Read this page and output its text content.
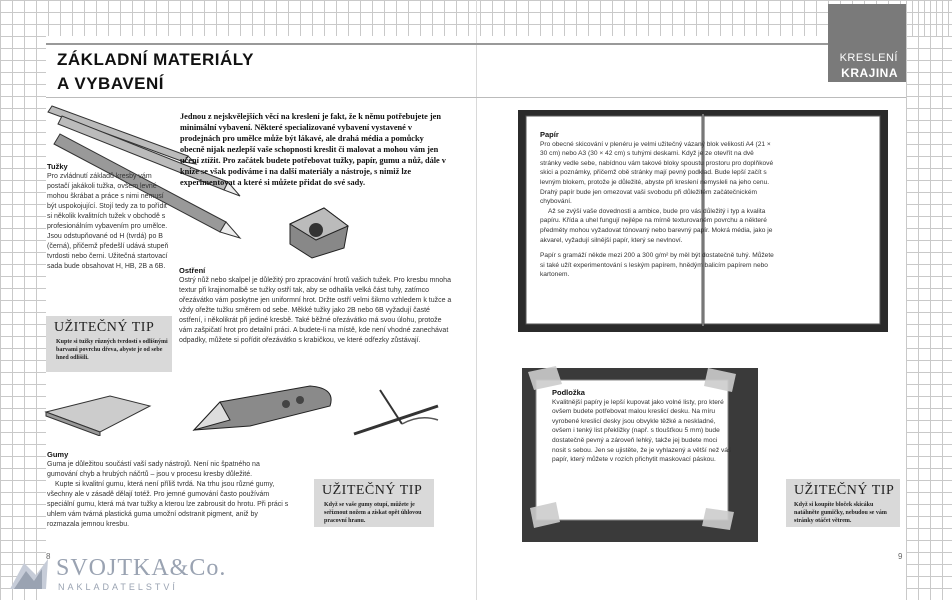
ZÁKLADNÍ MATERIÁLY
A VYBAVENÍ
KRESLENÍ
KRAJINA
Jednou z nejskvělejších věcí na kreslení je fakt, že k němu potřebujete jen minimální vybavení. Některé specializované vybavení vystavené v prodejnách pro umělce může být lákavé, ale drahá média a pomůcky obecně nijak nezlepší vaše schopnosti kreslit či malovat a mohou vám jen učení ztížit. Pro začátek budete potřebovat tužky, papír, gumu a nůž, dále v knize se však podíváme i na další materiály a nástroje, s nimiž lze experimentovat a které si můžete přidat do své sady.
Tužky
Pro zvládnutí základů kresby vám postačí jakákoli tužka, ovšem levné mohou škrábat a práce s nimi nemusí být uspokojující. Stojí tedy za to pořídit si několik kvalitních tužek v obchodě s profesionálním vybavením pro umělce. Jsou odstupňované od H (tvrdá) po B (černá), přičemž předešlí udává stupeň tvrdosti nebo černi. Užitečná startovací sada bude obsahovat H, HB, 2B a 6B.
UŽITEČNÝ TIP
Kupte si tužky různých tvrdostí s odlišnými barvami povrchu dřeva, abyste je od sebe hned odlišili.
Ostření
Ostrý nůž nebo skalpel je důležitý pro zpracování hrotů vašich tužek. Pro kresbu mnoha textur při krajinomalbě se tužky ostří tak, aby se odhalila velká část tuhy, zatímco ořezávátko vám poskytne jen uniformní hrot. Držte ostří velmi šikmo vzhledem k tužce a vždy ořežte tužku směrem od sebe. Měkké tužky jako 2B nebo 6B vyžadují časté ostření, i několikrát při jediné kresbě. Také běžné ořezávátko má svou úlohu, protože vám zašpičatí hrot pro detailní práci. A budete-li na místě, kde není vhodné zanechávat odpadky, můžete si pořídit ořezávátko s krabičkou, ve které odřezky zůstávají.
Gumy
Guma je důležitou součástí vaší sady nástrojů. Není nic špatného na gumování chyb a hrubých náčrtů – jsou v procesu kresby důležité.
Kupte si kvalitní gumu, která není příliš tvrdá. Na trhu jsou různé gumy, všechny ale v zásadě dělají totéž. Pro jemné gumování často používám speciální gumu, která má tvar tužky a kterou lze zabrousit do hrotu. Při práci s uhlem vám tvárná plastická guma umožní odstranit pigment, aniž by rozmazala jemnou kresbu.
UŽITEČNÝ TIP
Když se vaše gumy otupí, můžete je seříznout nožem a získat opět úhlovou pracovní hranu.
Papír
Pro obecné skicování v plenéru je velmi užitečný vázaný blok velikosti A4 (21 × 30 cm) nebo A3 (30 × 42 cm) s tuhými deskami. Když je ze otevřít na dvě stránky vedle sebe, nabídnou vám takové bloky spoustu prostoru pro doplňkové skici a poznámky, přičemž obě stránky mají pevný podklad. Bude lepší začít s levným blokem, protože je důležité, abyste při kreslení nemysleli na jeho cenu. Drahý papír bude jen omezovat vaši svobodu při důležitém začátečnickém chybování.
Až se zvýší vaše dovednosti a ambice, bude pro vás důležitý i typ a kvalita papíru. Křída a uhel fungují nejlépe na mírně texturovaném povrchu a některé předměty mohou vyžadovat tónovaný nebo barevný papír. Mokrá média, jako je akvarel, vyžadují silnější papír, který se nevlnoví.
Papír s gramáží někde mezi 200 a 300 g/m² by měl být dostatečně tuhý. Můžete si také užít experimentování s leským papírem, hnědým balicím papírem nebo kartonem.
Podložka
Kvalitnější papíry je lepší kupovat jako volné listy, pro které ovšem budete potřebovat malou kreslicí desku. Na míru vyrobené kreslicí desky jsou obvykle těžké a neskladné, ovšem i tenký list překližky (např. s tloušťkou 5 mm) bude dostatečně pevný a zároveň lehký, takže jej budete moci nosit s sebou. Jen se ujistěte, že je vyhlazený a větší než váš papír, který můžete v rozích přichytit maskovací páskou.
UŽITEČNÝ TIP
Když si koupíte bloček skicáku natáhněte gumičky, nebudou se vám stránky otáčet větrem.
8	9
SVOJTKA&Co.
NAKLADATELSTVÍ
